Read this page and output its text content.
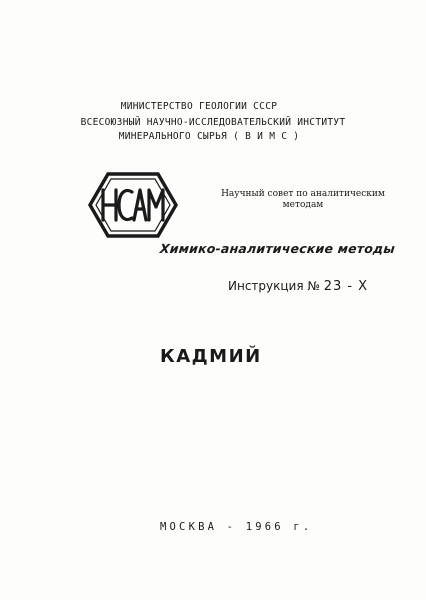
МИНИСТЕРСТВО ГЕОЛОГИИ СССР
ВСЕСОЮЗНЫЙ НАУЧНО-ИССЛЕДОВАТЕЛЬСКИЙ ИНСТИТУТ
МИНЕРАЛЬНОГО СЫРЬЯ ( В И М С )
Научный совет по аналитическим
методам
Химико-аналитические методы
Инструкция № 23 - X
КАДМИЙ
МОСКВА - 1966 г.
